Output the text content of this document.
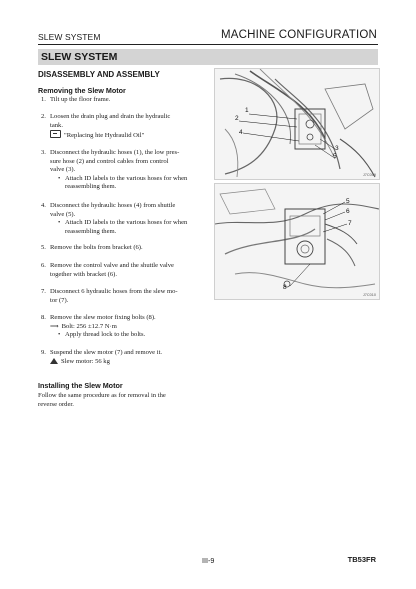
SLEW SYSTEM	MACHINE CONFIGURATION
SLEW SYSTEM
DISASSEMBLY AND ASSEMBLY
Removing the Slew Motor
1. Tilt up the floor frame.
2. Loosen the drain plug and drain the hydraulic
tank.
"Replacing hte Hydraulid Oil"
3. Disconnect the hydraulic hoses (1), the low pres-
sure hose (2) and control cables from control
valve (3).
• Attach ID labels to the various hoses for when
reassembling them.
4. Disconnect the hydraulic hoses (4) from shuttle
valve (5).
• Attach ID labels to the various hoses for when
reassembling them.
5. Remove the bolts from bracket (6).
6. Remove the control valve and the shuttle valve
together with bracket (6).
7. Disconnect 6 hydraulic hoses from the slew mo-
tor (7).
8. Remove the slew motor fixing bolts (8).
⟹ Bolt: 256 ±12.7 N·m
• Apply thread lock to the bolts.
9. Suspend the slew motor (7) and remove it.
Slew motor: 56 kg
Installing the Slew Motor
Follow the same procedure as for removal in the
reverse order.
1
2
3
4
5
J7C009
5
6
7
8
J7C010
III-9	TB53FR
